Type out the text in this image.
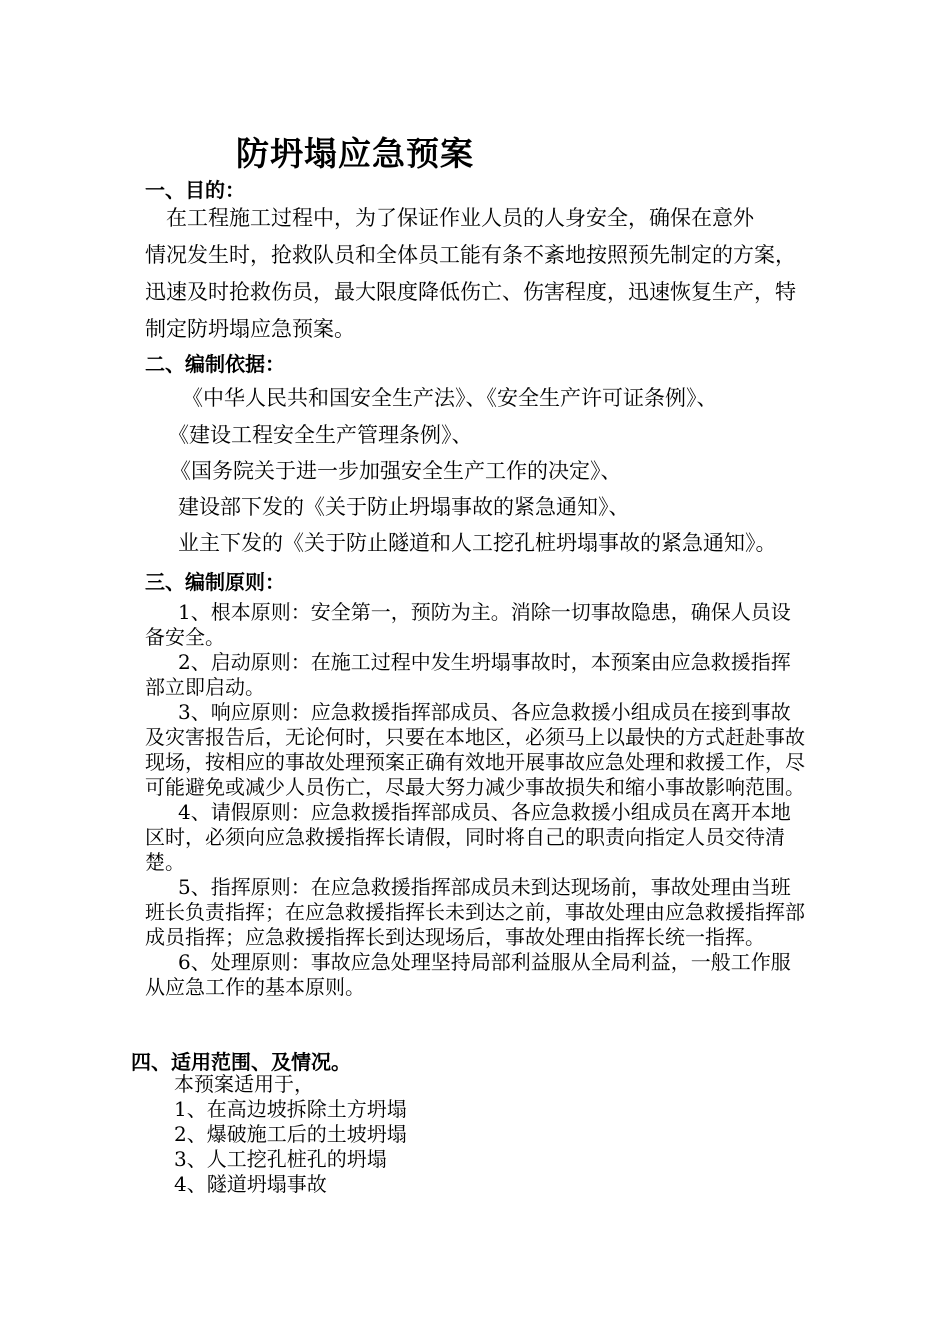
防坍塌应急预案
一、目的：
　在工程施工过程中，为了保证作业人员的人身安全，确保在意外
情况发生时，抢救队员和全体员工能有条不紊地按照预先制定的方案，
迅速及时抢救伤员，最大限度降低伤亡、伤害程度，迅速恢复生产，特
制定防坍塌应急预案。
二、编制依据：
《中华人民共和国安全生产法》、《安全生产许可证条例》、
《建设工程安全生产管理条例》、
《国务院关于进一步加强安全生产工作的决定》、
建设部下发的《关于防止坍塌事故的紧急通知》、
业主下发的《关于防止隧道和人工挖孔桩坍塌事故的紧急通知》。
三、编制原则：
1、根本原则：安全第一，预防为主。消除一切事故隐患，确保人员设备安全。
2、启动原则：在施工过程中发生坍塌事故时，本预案由应急救援指挥部立即启动。
3、响应原则：应急救援指挥部成员、各应急救援小组成员在接到事故及灾害报告后，无论何时，只要在本地区，必须马上以最快的方式赶赴事故现场，按相应的事故处理预案正确有效地开展事故应急处理和救援工作，尽可能避免或减少人员伤亡，尽最大努力减少事故损失和缩小事故影响范围。
4、请假原则：应急救援指挥部成员、各应急救援小组成员在离开本地区时，必须向应急救援指挥长请假，同时将自己的职责向指定人员交待清楚。
5、指挥原则：在应急救援指挥部成员未到达现场前，事故处理由当班班长负责指挥；在应急救援指挥长未到达之前，事故处理由应急救援指挥部成员指挥；应急救援指挥长到达现场后，事故处理由指挥长统一指挥。
6、处理原则：事故应急处理坚持局部利益服从全局利益，一般工作服从应急工作的基本原则。
四、适用范围、及情况。
本预案适用于，
1、在高边坡拆除土方坍塌
2、爆破施工后的土坡坍塌
3、人工挖孔桩孔的坍塌
4、隧道坍塌事故
